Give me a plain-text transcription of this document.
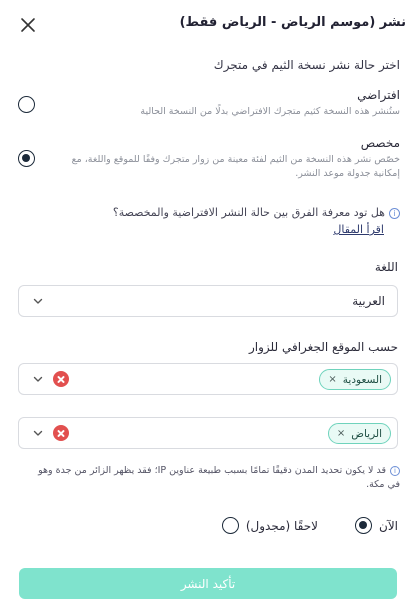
نشر (موسم الرياض - الرياض فقط)
اختر حالة نشر نسخة الثيم في متجرك
افتراضي
ستُنشر هذه النسخة كثيم متجرك الافتراضي بدلًا من النسخة الحالية
مخصص
خصّص نشر هذه النسخة من الثيم لفئة معينة من زوار متجرك وفقًا للموقع واللغة، مع إمكانية جدولة موعد النشر.
iهل تود معرفة الفرق بين حالة النشر الافتراضية والمخصصة؟
اقرأ المقال
اللغة
العربية
حسب الموقع الجغرافي للزوار
السعودية
×
الرياض
×
iقد لا يكون تحديد المدن دقيقًا تمامًا بسبب طبيعة عناوين IP؛ فقد يظهر الزائر من جدة وهو في مكة.
الآن
لاحقًا (مجدول)
تأكيد النشر
